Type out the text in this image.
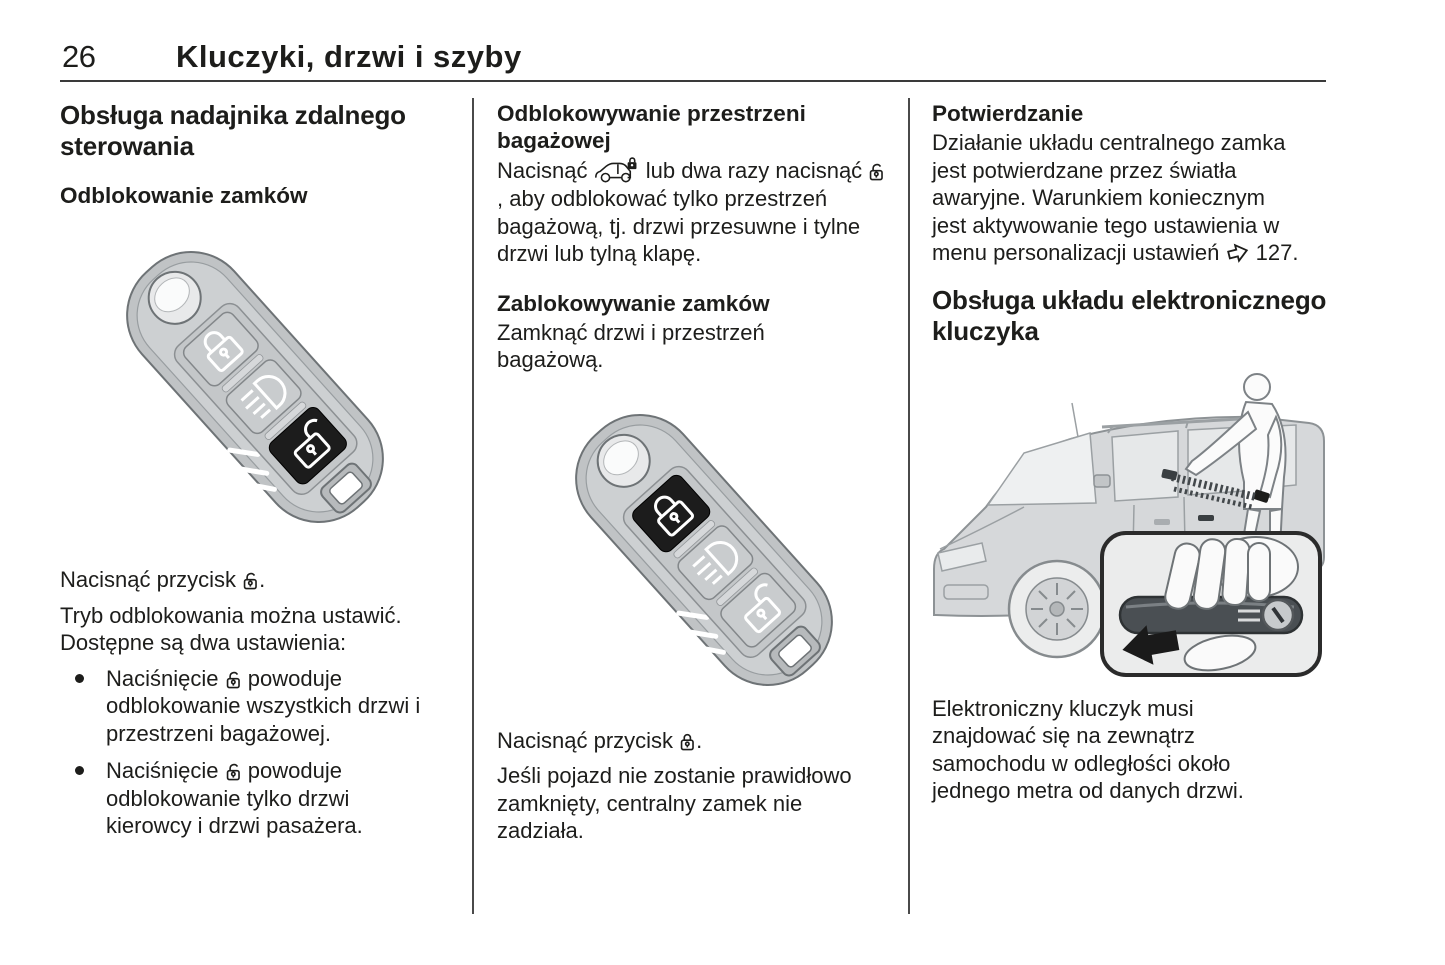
26	Kluczyki, drzwi i szyby
Obsługa nadajnika zdalnego sterowania
Odblokowanie zamków

Nacisnąć przycisk .

Tryb odblokowania można ustawić. Dostępne są dwa ustawienia:

Naciśnięcie powoduje odblokowanie wszystkich drzwi i przestrzeni bagażowej.
Naciśnięcie powoduje odblokowanie tylko drzwi kierowcy i drzwi pasażera.
Odblokowywanie przestrzeni bagażowej

Nacisnąć	lub dwa razy nacisnąć , aby odblokować tylko przestrzeń bagażową, tj. drzwi przesuwne i tylne drzwi lub tylną klapę.

Zablokowywanie zamków

Zamknąć drzwi i przestrzeń bagażową.

Nacisnąć przycisk .

Jeśli pojazd nie zostanie prawidłowo zamknięty, centralny zamek nie zadziała.

Potwierdzanie

Działanie układu centralnego zamka jest potwierdzane przez światła awaryjne. Warunkiem koniecznym jest aktywowanie tego ustawienia w menu personalizacji ustawień 127.

Obsługa układu elektronicznego kluczyka

Elektroniczny kluczyk musi znajdować się na zewnątrz samochodu w odległości około jednego metra od danych drzwi.
